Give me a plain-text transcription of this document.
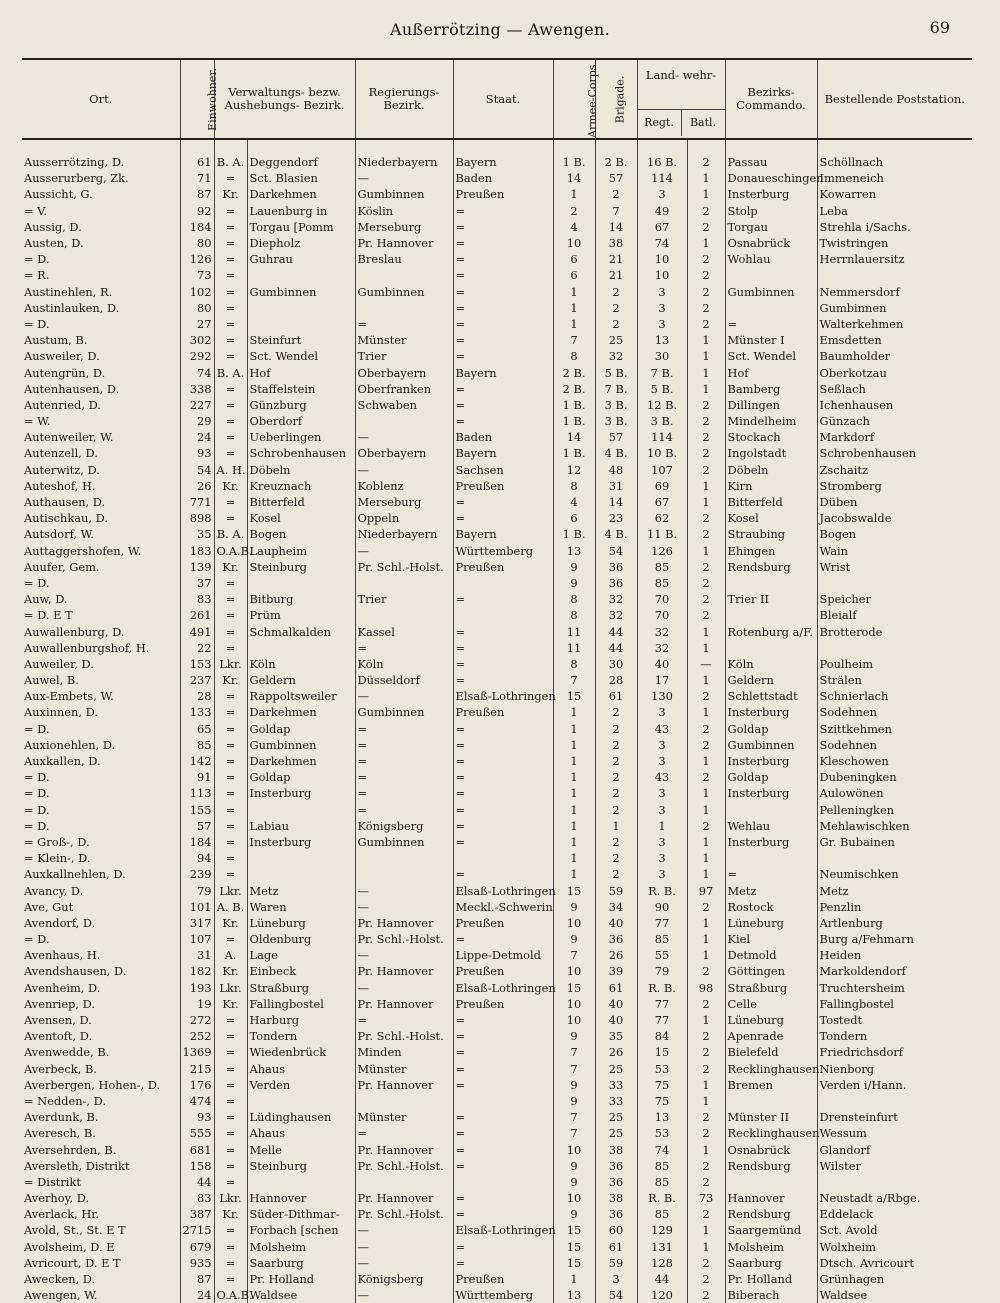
Außerrötzing — Awengen.	69
Ort.	Einwohner.	Verwaltungs- bezw. Aushebungs- Bezirk.		Regierungs- Bezirk.	Staat.	Armee-Corps.	Brigade.	Land- wehr-
Regt. Batl.		Bezirks- Commando.	Bestellende Poststation.
Ausserrötzing, D.	61	B. A.	Deggendorf	Niederbayern	Bayern	1 B.	2 B.	16 B.	2	Passau	Schöllnach
Ausserurberg, Zk.	71	=	Sct. Blasien	—	Baden	14	57	114	1	Donaueschingen	Immeneich
Aussicht, G.	87	Kr.	Darkehmen	Gumbinnen	Preußen	1	2	3	1	Insterburg	Kowarren
= V.	92	=	Lauenburg in	Köslin	=	2	7	49	2	Stolp	Leba
Aussig, D.	184	=	Torgau [Pomm	Merseburg	=	4	14	67	2	Torgau	Strehla i/Sachs.
Austen, D.	80	=	Diepholz	Pr. Hannover	=	10	38	74	1	Osnabrück	Twistringen
= D.	126	=	Guhrau	Breslau	=	6	21	10	2	Wohlau	Herrnlauersitz
= R.	73	=			=	6	21	10	2		
Austinehlen, R.	102	=	Gumbinnen	Gumbinnen	=	1	2	3	2	Gumbinnen	Nemmersdorf
Austinlauken, D.	80	=			=	1	2	3	2		Gumbinnen
= D.	27	=		=	=	1	2	3	2	=	Walterkehmen
Austum, B.	302	=	Steinfurt	Münster	=	7	25	13	1	Münster I	Emsdetten
Ausweiler, D.	292	=	Sct. Wendel	Trier	=	8	32	30	1	Sct. Wendel	Baumholder
Autengrün, D.	74	B. A.	Hof	Oberbayern	Bayern	2 B.	5 B.	7 B.	1	Hof	Oberkotzau
Autenhausen, D.	338	=	Staffelstein	Oberfranken	=	2 B.	7 B.	5 B.	1	Bamberg	Seßlach
Autenried, D.	227	=	Günzburg	Schwaben	=	1 B.	3 B.	12 B.	2	Dillingen	Ichenhausen
= W.	29	=	Oberdorf		=	1 B.	3 B.	3 B.	2	Mindelheim	Günzach
Autenweiler, W.	24	=	Ueberlingen	—	Baden	14	57	114	2	Stockach	Markdorf
Autenzell, D.	93	=	Schrobenhausen	Oberbayern	Bayern	1 B.	4 B.	10 B.	2	Ingolstadt	Schrobenhausen
Auterwitz, D.	54	A. H.	Döbeln	—	Sachsen	12	48	107	2	Döbeln	Zschaitz
Auteshof, H.	26	Kr.	Kreuznach	Koblenz	Preußen	8	31	69	1	Kirn	Stromberg
Authausen, D.	771	=	Bitterfeld	Merseburg	=	4	14	67	1	Bitterfeld	Düben
Autischkau, D.	898	=	Kosel	Oppeln	=	6	23	62	2	Kosel	Jacobswalde
Autsdorf, W.	35	B. A.	Bogen	Niederbayern	Bayern	1 B.	4 B.	11 B.	2	Straubing	Bogen
Auttaggershofen, W.	183	O.A.B.	Laupheim	—	Württemberg	13	54	126	1	Ehingen	Wain
Auufer, Gem.	139	Kr.	Steinburg	Pr. Schl.-Holst.	Preußen	9	36	85	2	Rendsburg	Wrist
= D.	37	=				9	36	85	2		
Auw, D.	83	=	Bitburg	Trier	=	8	32	70	2	Trier II	Speicher
= D. E T	261	=	Prüm			8	32	70	2		Bleialf
Auwallenburg, D.	491	=	Schmalkalden	Kassel	=	11	44	32	1	Rotenburg a/F.	Brotterode
Auwallenburgshof, H.	22	=		=	=	11	44	32	1		
Auweiler, D.	153	Lkr.	Köln	Köln	=	8	30	40	—	Köln	Poulheim
Auwel, B.	237	Kr.	Geldern	Düsseldorf	=	7	28	17	1	Geldern	Strälen
Aux-Embets, W.	28	=	Rappoltsweiler	—	Elsaß-Lothringen	15	61	130	2	Schlettstadt	Schnierlach
Auxinnen, D.	133	=	Darkehmen	Gumbinnen	Preußen	1	2	3	1	Insterburg	Sodehnen
= D.	65	=	Goldap	=	=	1	2	43	2	Goldap	Szittkehmen
Auxionehlen, D.	85	=	Gumbinnen	=	=	1	2	3	2	Gumbinnen	Sodehnen
Auxkallen, D.	142	=	Darkehmen	=	=	1	2	3	1	Insterburg	Kleschowen
= D.	91	=	Goldap	=	=	1	2	43	2	Goldap	Dubeningken
= D.	113	=	Insterburg	=	=	1	2	3	1	Insterburg	Aulowönen
= D.	155	=		=	=	1	2	3	1		Pelleningken
= D.	57	=	Labiau	Königsberg	=	1	1	1	2	Wehlau	Mehlawischken
= Groß-, D.	184	=	Insterburg	Gumbinnen	=	1	2	3	1	Insterburg	Gr. Bubainen
= Klein-, D.	94	=				1	2	3	1		
Auxkallnehlen, D.	239	=			=	1	2	3	1	=	Neumischken
Avancy, D.	79	Lkr.	Metz	—	Elsaß-Lothringen	15	59	R. B.	97	Metz	Metz
Ave, Gut	101	A. B.	Waren	—	Meckl.-Schwerin	9	34	90	2	Rostock	Penzlin
Avendorf, D.	317	Kr.	Lüneburg	Pr. Hannover	Preußen	10	40	77	1	Lüneburg	Artlenburg
= D.	107	=	Oldenburg	Pr. Schl.-Holst.	=	9	36	85	1	Kiel	Burg a/Fehmarn
Avenhaus, H.	31	A.	Lage	—	Lippe-Detmold	7	26	55	1	Detmold	Heiden
Avendshausen, D.	182	Kr.	Einbeck	Pr. Hannover	Preußen	10	39	79	2	Göttingen	Markoldendorf
Avenheim, D.	193	Lkr.	Straßburg	—	Elsaß-Lothringen	15	61	R. B.	98	Straßburg	Truchtersheim
Avenriep, D.	19	Kr.	Fallingbostel	Pr. Hannover	Preußen	10	40	77	2	Celle	Fallingbostel
Avensen, D.	272	=	Harburg	=	=	10	40	77	1	Lüneburg	Tostedt
Aventoft, D.	252	=	Tondern	Pr. Schl.-Holst.	=	9	35	84	2	Apenrade	Tondern
Avenwedde, B.	1369	=	Wiedenbrück	Minden	=	7	26	15	2	Bielefeld	Friedrichsdorf
Averbeck, B.	215	=	Ahaus	Münster	=	7	25	53	2	Recklinghausen	Nienborg
Averbergen, Hohen-, D.	176	=	Verden	Pr. Hannover	=	9	33	75	1	Bremen	Verden i/Hann.
= Nedden-, D.	474	=				9	33	75	1		
Averdunk, B.	93	=	Lüdinghausen	Münster	=	7	25	13	2	Münster II	Drensteinfurt
Averesch, B.	555	=	Ahaus	=	=	7	25	53	2	Recklinghausen	Wessum
Aversehrden, B.	681	=	Melle	Pr. Hannover	=	10	38	74	1	Osnabrück	Glandorf
Aversleth, Distrikt	158	=	Steinburg	Pr. Schl.-Holst.	=	9	36	85	2	Rendsburg	Wilster
= Distrikt	44	=				9	36	85	2		
Averhoy, D.	83	Lkr.	Hannover	Pr. Hannover	=	10	38	R. B.	73	Hannover	Neustadt a/Rbge.
Averlack, Hr.	387	Kr.	Süder-Dithmar-	Pr. Schl.-Holst.	=	9	36	85	2	Rendsburg	Eddelack
Avold, St., St. E T	2715	=	Forbach [schen	—	Elsaß-Lothringen	15	60	129	1	Saargemünd	Sct. Avold
Avolsheim, D. E	679	=	Molsheim	—	=	15	61	131	1	Molsheim	Wolxheim
Avricourt, D. E T	935	=	Saarburg	—	=	15	59	128	2	Saarburg	Dtsch. Avricourt
Awecken, D.	87	=	Pr. Holland	Königsberg	Preußen	1	3	44	2	Pr. Holland	Grünhagen
Awengen, W.	24	O.A.B.	Waldsee	—	Württemberg	13	54	120	2	Biberach	Waldsee
